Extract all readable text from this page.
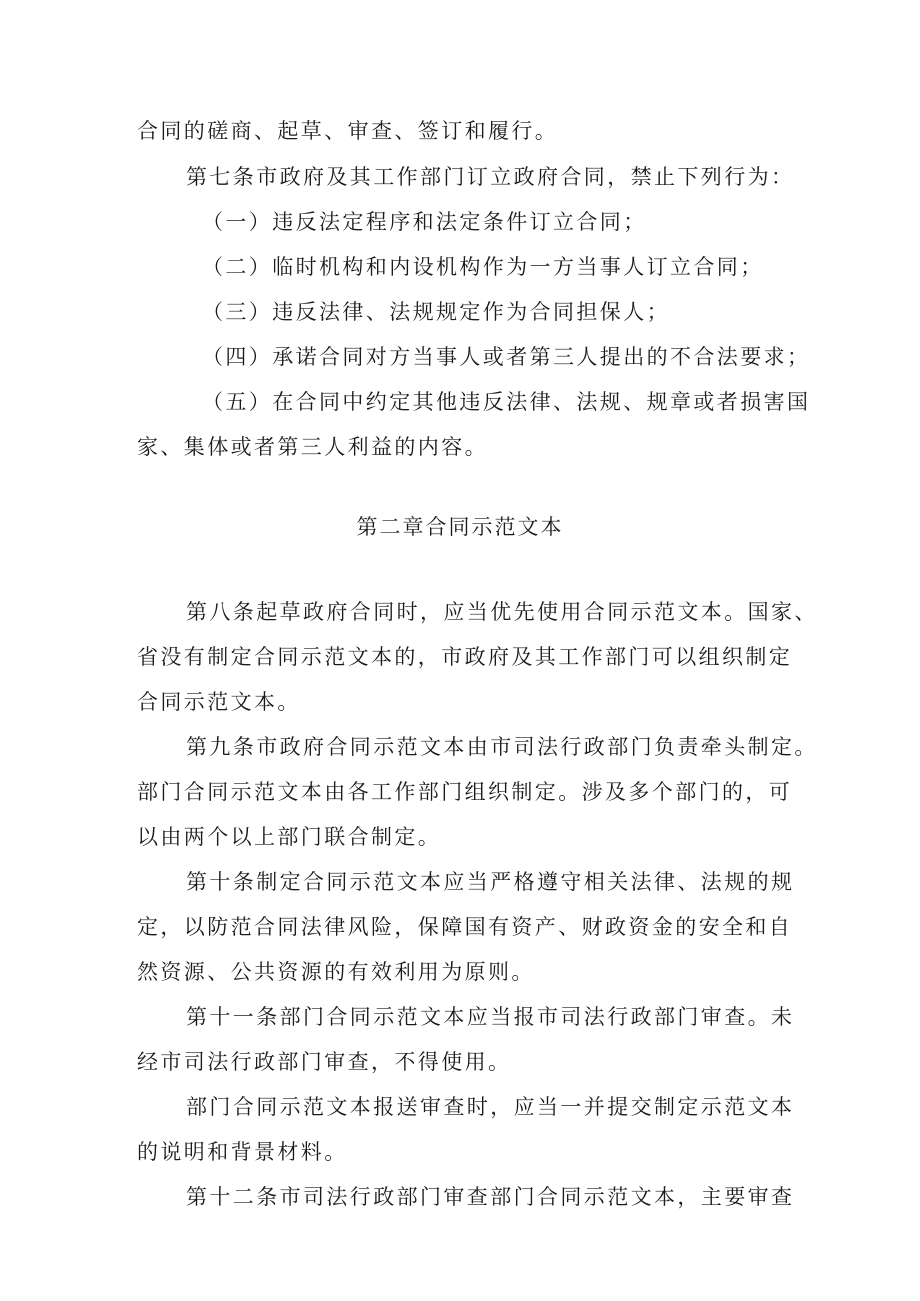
合同的磋商、起草、审查、签订和履行。
第七条市政府及其工作部门订立政府合同，禁止下列行为：
（一）违反法定程序和法定条件订立合同；
（二）临时机构和内设机构作为一方当事人订立合同；
（三）违反法律、法规规定作为合同担保人；
（四）承诺合同对方当事人或者第三人提出的不合法要求；
（五）在合同中约定其他违反法律、法规、规章或者损害国
家、集体或者第三人利益的内容。
第二章合同示范文本
第八条起草政府合同时，应当优先使用合同示范文本。国家、
省没有制定合同示范文本的，市政府及其工作部门可以组织制定
合同示范文本。
第九条市政府合同示范文本由市司法行政部门负责牵头制定。
部门合同示范文本由各工作部门组织制定。涉及多个部门的，可
以由两个以上部门联合制定。
第十条制定合同示范文本应当严格遵守相关法律、法规的规
定，以防范合同法律风险，保障国有资产、财政资金的安全和自
然资源、公共资源的有效利用为原则。
第十一条部门合同示范文本应当报市司法行政部门审查。未
经市司法行政部门审查，不得使用。
部门合同示范文本报送审查时，应当一并提交制定示范文本
的说明和背景材料。
第十二条市司法行政部门审查部门合同示范文本，主要审查
